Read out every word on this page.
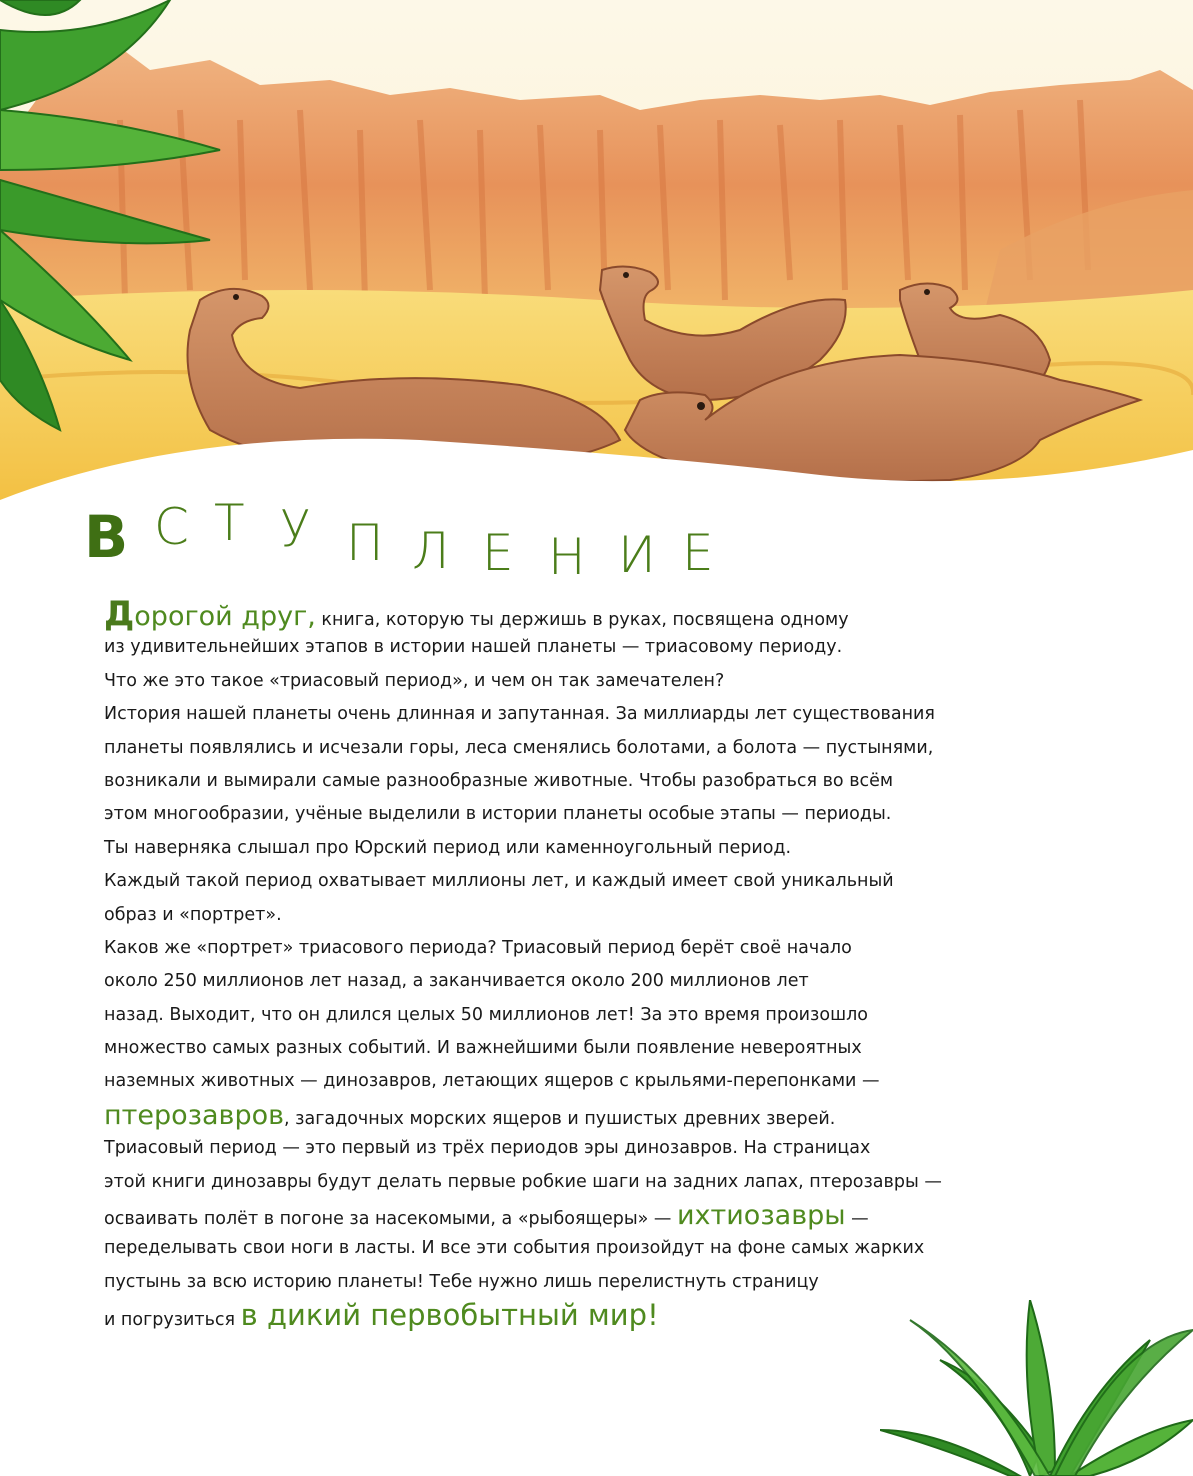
В С Т У П Л Е Н И Е
Дорогой друг, книга, которую ты держишь в руках, посвящена одному
из удивительнейших этапов в истории нашей планеты — триасовому периоду.
Что же это такое «триасовый период», и чем он так замечателен?
История нашей планеты очень длинная и запутанная. За миллиарды лет существования
планеты появлялись и исчезали горы, леса сменялись болотами, а болота — пустынями,
возникали и вымирали самые разнообразные животные. Чтобы разобраться во всём
этом многообразии, учёные выделили в истории планеты особые этапы — периоды.
Ты наверняка слышал про Юрский период или каменноугольный период.
Каждый такой период охватывает миллионы лет, и каждый имеет свой уникальный
образ и «портрет».
Каков же «портрет» триасового периода? Триасовый период берёт своё начало
около 250 миллионов лет назад, а заканчивается около 200 миллионов лет
назад. Выходит, что он длился целых 50 миллионов лет! За это время произошло
множество самых разных событий. И важнейшими были появление невероятных
наземных животных — динозавров, летающих ящеров с крыльями-перепонками —
птерозавров, загадочных морских ящеров и пушистых древних зверей.
Триасовый период — это первый из трёх периодов эры динозавров. На страницах
этой книги динозавры будут делать первые робкие шаги на задних лапах, птерозавры —
осваивать полёт в погоне за насекомыми, а «рыбоящеры» — ихтиозавры —
переделывать свои ноги в ласты. И все эти события произойдут на фоне самых жарких
пустынь за всю историю планеты! Тебе нужно лишь перелистнуть страницу
и погрузиться в дикий первобытный мир!
